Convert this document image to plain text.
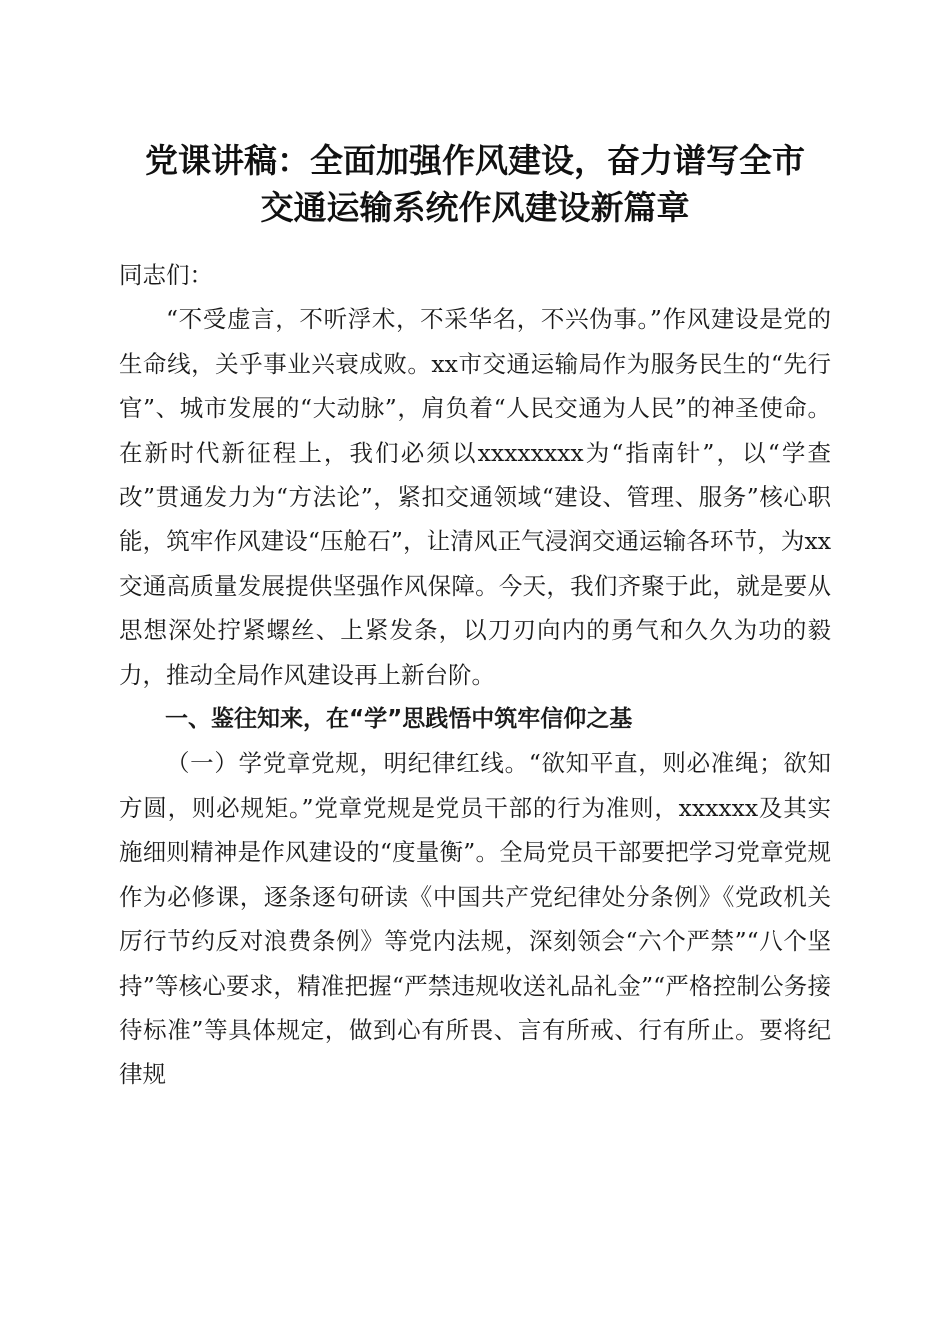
党课讲稿：全面加强作风建设，奋力谱写全市
交通运输系统作风建设新篇章

同志们：

“不受虚言，不听浮术，不采华名，不兴伪事。”作风建设是党的生命线，关乎事业兴衰成败。xx市交通运输局作为服务民生的“先行官”、城市发展的“大动脉”，肩负着“人民交通为人民”的神圣使命。在新时代新征程上，我们必须以xxxxxxxx为“指南针”，以“学查改”贯通发力为“方法论”，紧扣交通领域“建设、管理、服务”核心职能，筑牢作风建设“压舱石”，让清风正气浸润交通运输各环节，为xx交通高质量发展提供坚强作风保障。今天，我们齐聚于此，就是要从思想深处拧紧螺丝、上紧发条，以刀刃向内的勇气和久久为功的毅力，推动全局作风建设再上新台阶。

一、鉴往知来，在“学”思践悟中筑牢信仰之基

（一）学党章党规，明纪律红线。“欲知平直，则必准绳；欲知方圆，则必规矩。”党章党规是党员干部的行为准则，xxxxxx及其实施细则精神是作风建设的“度量衡”。全局党员干部要把学习党章党规作为必修课，逐条逐句研读《中国共产党纪律处分条例》《党政机关厉行节约反对浪费条例》等党内法规，深刻领会“六个严禁”“八个坚持”等核心要求，精准把握“严禁违规收送礼品礼金”“严格控制公务接待标准”等具体规定，做到心有所畏、言有所戒、行有所止。要将纪律规
